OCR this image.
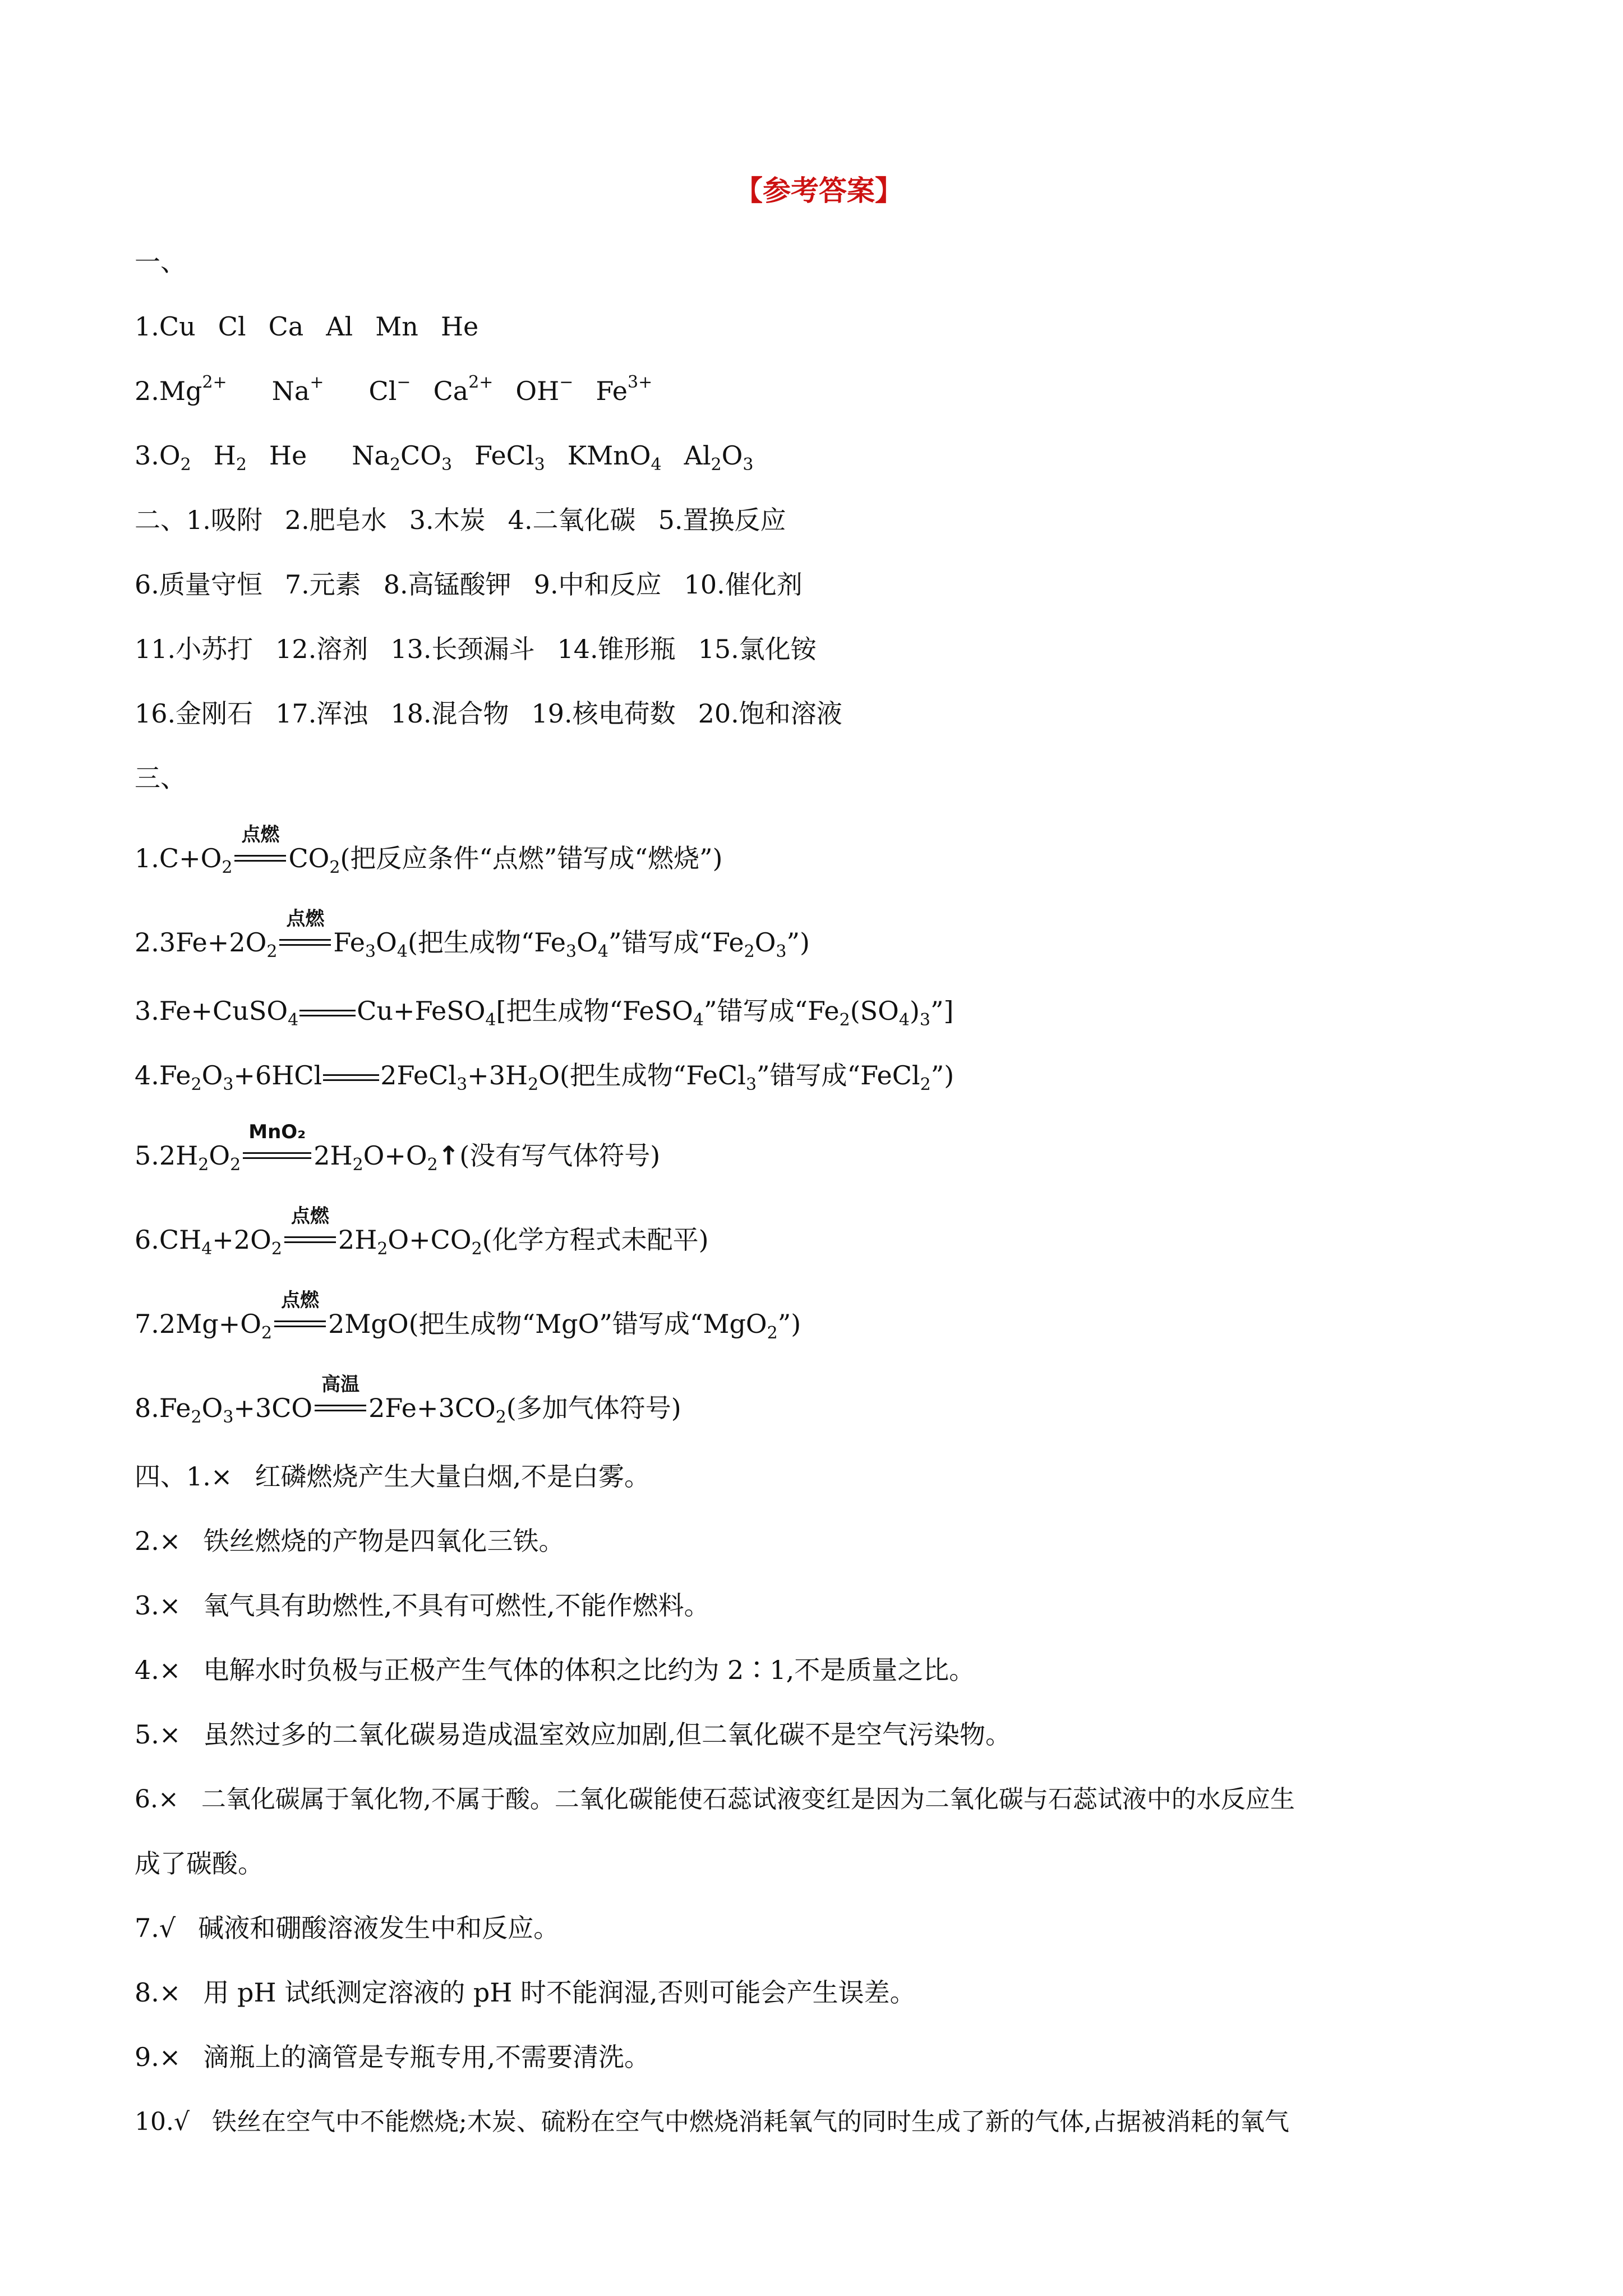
【参考答案】
一、
1.Cu Cl Ca Al Mn He
$2.Mg^{2+}$ Na+ Cl− $Ca^{2+}$ OH− $Fe^{3+}$
$3.O_2$ $H_2$ He $Na_2CO_3$ FeCl$_3$ KMnO$_4$ $Al_2O_3$
二、1.吸附 2.肥皂水 3.木炭 4.二氧化碳 5.置换反应
6.质量守恒 7.元素 8.高锰酸钾 9.中和反应 10.催化剂
11.小苏打 12.溶剂 13.长颈漏斗 14.锥形瓶 15.氯化铵
16.金刚石 17.浑浊 18.混合物 19.核电荷数 20.饱和溶液
三、
$1.C+O_2$
点燃
$CO_2$(把反应条件“点燃”错写成“燃烧”)
$2.3Fe+2O_2$
点燃
$Fe_3O_4$(把生成物“$Fe_3O_4$”错写成“$Fe_2O_3$”)
3.Fe+CuSO$_4$ Cu+FeSO$_4$[把生成物“FeSO$_4$”错写成“$Fe_2(SO_4)_3$”]
$4.Fe_2O_3+6HCl$ $2FeCl_3+3H_2O$(把生成物“FeCl$_3$”错写成“FeCl$_2$”)
$5.2H_2O_2$
MnO₂
$2H_2O+O_2↑$(没有写气体符号)
$6.CH_4+2O_2$
点燃
$2H_2O+CO_2$(化学方程式未配平)
$7.2Mg+O_2$
点燃
2MgO(把生成物“MgO”错写成“MgO$_2$”)
$8.Fe_2O_3+3CO$
高温
$2Fe+3CO_2$(多加气体符号)
四、1.× 红磷燃烧产生大量白烟,不是白雾。
2.× 铁丝燃烧的产物是四氧化三铁。
3.× 氧气具有助燃性,不具有可燃性,不能作燃料。
4.× 电解水时负极与正极产生气体的体积之比约为 2∶1,不是质量之比。
5.× 虽然过多的二氧化碳易造成温室效应加剧,但二氧化碳不是空气污染物。
6.× 二氧化碳属于氧化物,不属于酸。二氧化碳能使石蕊试液变红是因为二氧化碳与石蕊试液中的水反应生
成了碳酸。
7.√ 碱液和硼酸溶液发生中和反应。
8.× 用 pH 试纸测定溶液的 pH 时不能润湿,否则可能会产生误差。
9.× 滴瓶上的滴管是专瓶专用,不需要清洗。
10.√ 铁丝在空气中不能燃烧;木炭、硫粉在空气中燃烧消耗氧气的同时生成了新的气体,占据被消耗的氧气
